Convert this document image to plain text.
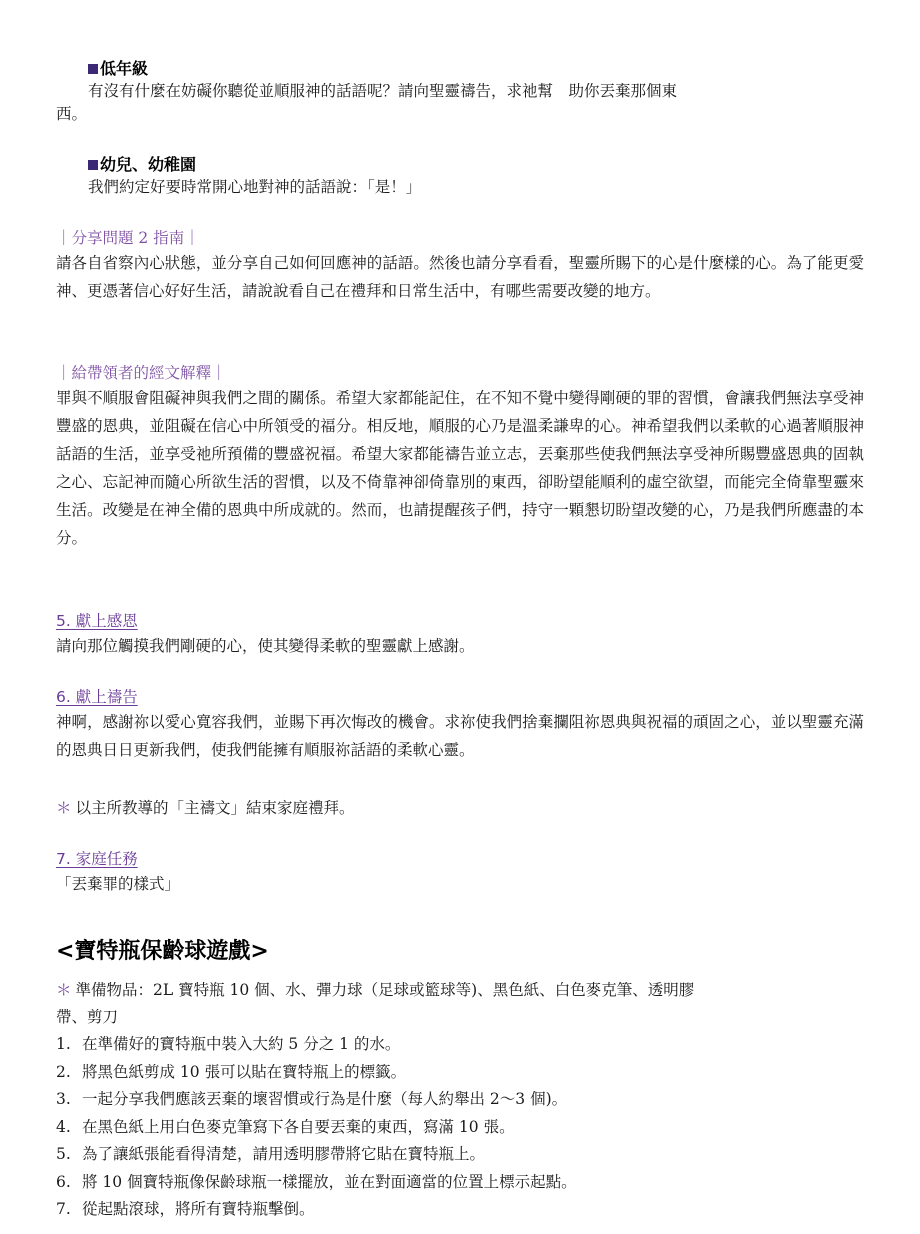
低年級
有沒有什麼在妨礙你聽從並順服神的話語呢？請向聖靈禱告，求祂幫　助你丟棄那個東
西。
幼兒、幼稚園
我們約定好要時常開心地對神的話語說：「是！」
｜分享問題 2 指南｜
請各自省察內心狀態，並分享自己如何回應神的話語。然後也請分享看看，聖靈所賜下的心是什麼樣的心。為了能更愛神、更憑著信心好好生活，請說說看自己在禮拜和日常生活中，有哪些需要改變的地方。
｜給帶領者的經文解釋｜
罪與不順服會阻礙神與我們之間的關係。希望大家都能記住，在不知不覺中變得剛硬的罪的習慣，會讓我們無法享受神豐盛的恩典，並阻礙在信心中所領受的福分。相反地，順服的心乃是溫柔謙卑的心。神希望我們以柔軟的心過著順服神話語的生活，並享受祂所預備的豐盛祝福。希望大家都能禱告並立志，丟棄那些使我們無法享受神所賜豐盛恩典的固執之心、忘記神而隨心所欲生活的習慣，以及不倚靠神卻倚靠別的東西，卻盼望能順利的虛空欲望，而能完全倚靠聖靈來生活。改變是在神全備的恩典中所成就的。然而，也請提醒孩子們，持守一顆懇切盼望改變的心，乃是我們所應盡的本分。
5. 獻上感恩
請向那位觸摸我們剛硬的心，使其變得柔軟的聖靈獻上感謝。
6. 獻上禱告
神啊，感謝祢以愛心寬容我們，並賜下再次悔改的機會。求祢使我們捨棄攔阻祢恩典與祝福的頑固之心，並以聖靈充滿的恩典日日更新我們，使我們能擁有順服祢話語的柔軟心靈。
＊ 以主所教導的「主禱文」結束家庭禮拜。
7. 家庭任務
「丟棄罪的樣式」
<寶特瓶保齡球遊戲>
＊ 準備物品：2L 寶特瓶 10 個、水、彈力球（足球或籃球等)、黑色紙、白色麥克筆、透明膠
帶、剪刀
1. 在準備好的寶特瓶中裝入大約 5 分之 1 的水。
2. 將黑色紙剪成 10 張可以貼在寶特瓶上的標籤。
3. 一起分享我們應該丟棄的壞習慣或行為是什麼（每人約舉出 2～3 個)。
4. 在黑色紙上用白色麥克筆寫下各自要丟棄的東西，寫滿 10 張。
5. 為了讓紙張能看得清楚，請用透明膠帶將它貼在寶特瓶上。
6. 將 10 個寶特瓶像保齡球瓶一樣擺放，並在對面適當的位置上標示起點。
7. 從起點滾球，將所有寶特瓶擊倒。
